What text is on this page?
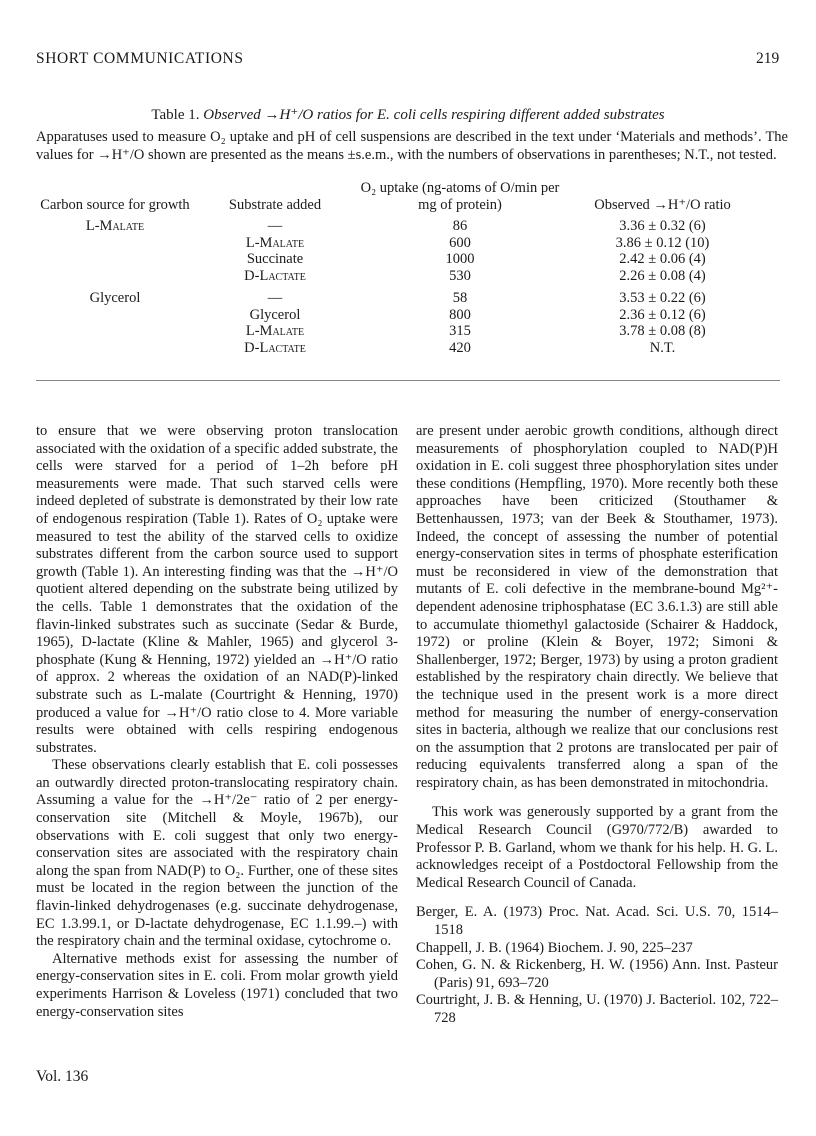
SHORT COMMUNICATIONS	219
Table 1. Observed →H⁺/O ratios for E. coli cells respiring different added substrates
Apparatuses used to measure O₂ uptake and pH of cell suspensions are described in the text under ‘Materials and methods’. The values for →H⁺/O shown are presented as the means ±s.e.m., with the numbers of observations in parentheses; N.T., not tested.
Carbon source for growth	Substrate added	O₂ uptake (ng-atoms of O/min per mg of protein)	Observed →H⁺/O ratio
L-Malate	—	86	3.36 ± 0.32 (6)
	L-Malate	600	3.86 ± 0.12 (10)
	Succinate	1000	2.42 ± 0.06 (4)
	D-Lactate	530	2.26 ± 0.08 (4)

Glycerol	—	58	3.53 ± 0.22 (6)
	Glycerol	800	2.36 ± 0.12 (6)
	L-Malate	315	3.78 ± 0.08 (8)
	D-Lactate	420	N.T.

to ensure that we were observing proton translocation associated with the oxidation of a specific added substrate, the cells were starved for a period of 1–2h before pH measurements were made. That such starved cells were indeed depleted of substrate is demonstrated by their low rate of endogenous respiration (Table 1). Rates of O₂ uptake were measured to test the ability of the starved cells to oxidize substrates different from the carbon source used to support growth (Table 1). An interesting finding was that the →H⁺/O quotient altered depending on the substrate being utilized by the cells. Table 1 demonstrates that the oxidation of the flavin-linked substrates such as succinate (Sedar & Burde, 1965), D-lactate (Kline & Mahler, 1965) and glycerol 3-phosphate (Kung & Henning, 1972) yielded an →H⁺/O ratio of approx. 2 whereas the oxidation of an NAD(P)-linked substrate such as L-malate (Courtright & Henning, 1970) produced a value for →H⁺/O ratio close to 4. More variable results were obtained with cells respiring endogenous substrates.

These observations clearly establish that E. coli possesses an outwardly directed proton-translocating respiratory chain. Assuming a value for the →H⁺/2e⁻ ratio of 2 per energy-conservation site (Mitchell & Moyle, 1967b), our observations with E. coli suggest that only two energy-conservation sites are associated with the respiratory chain along the span from NAD(P) to O₂. Further, one of these sites must be located in the region between the junction of the flavin-linked dehydrogenases (e.g. succinate dehydrogenase, EC 1.3.99.1, or D-lactate dehydrogenase, EC 1.1.99.–) with the respiratory chain and the terminal oxidase, cytochrome o.

Alternative methods exist for assessing the number of energy-conservation sites in E. coli. From molar growth yield experiments Harrison & Loveless (1971) concluded that two energy-conservation sites

are present under aerobic growth conditions, although direct measurements of phosphorylation coupled to NAD(P)H oxidation in E. coli suggest three phosphorylation sites under these conditions (Hempfling, 1970). More recently both these approaches have been criticized (Stouthamer & Bettenhaussen, 1973; van der Beek & Stouthamer, 1973). Indeed, the concept of assessing the number of potential energy-conservation sites in terms of phosphate esterification must be reconsidered in view of the demonstration that mutants of E. coli defective in the membrane-bound Mg²⁺-dependent adenosine triphosphatase (EC 3.6.1.3) are still able to accumulate thiomethyl galactoside (Schairer & Haddock, 1972) or proline (Klein & Boyer, 1972; Simoni & Shallenberger, 1972; Berger, 1973) by using a proton gradient established by the respiratory chain directly. We believe that the technique used in the present work is a more direct method for measuring the number of energy-conservation sites in bacteria, although we realize that our conclusions rest on the assumption that 2 protons are translocated per pair of reducing equivalents transferred along a span of the respiratory chain, as has been demonstrated in mitochondria.

This work was generously supported by a grant from the Medical Research Council (G970/772/B) awarded to Professor P. B. Garland, whom we thank for his help. H. G. L. acknowledges receipt of a Postdoctoral Fellowship from the Medical Research Council of Canada.

Berger, E. A. (1973) Proc. Nat. Acad. Sci. U.S. 70, 1514–1518

Chappell, J. B. (1964) Biochem. J. 90, 225–237

Cohen, G. N. & Rickenberg, H. W. (1956) Ann. Inst. Pasteur (Paris) 91, 693–720

Courtright, J. B. & Henning, U. (1970) J. Bacteriol. 102, 722–728

Vol. 136
